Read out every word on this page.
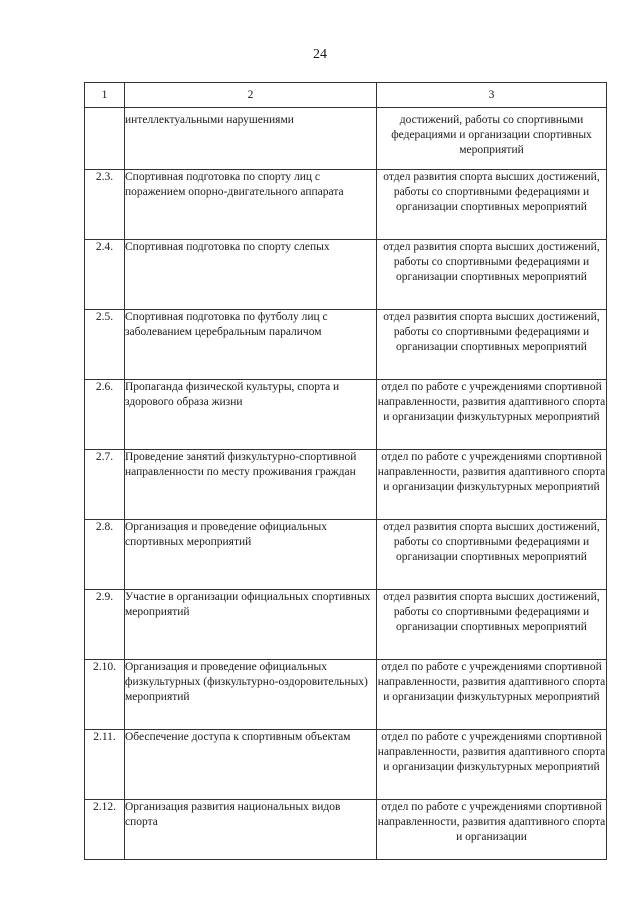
24
1	2	3
	интеллектуальными нарушениями	достижений, работы со спортивными федерациями и организации спортивных мероприятий
2.3.	Спортивная подготовка по спорту лиц с поражением опорно-двигательного аппарата	отдел развития спорта высших достижений, работы со спортивными федерациями и организации спортивных мероприятий
2.4.	Спортивная подготовка по спорту слепых	отдел развития спорта высших достижений, работы со спортивными федерациями и организации спортивных мероприятий
2.5.	Спортивная подготовка по футболу лиц с заболеванием церебральным параличом	отдел развития спорта высших достижений, работы со спортивными федерациями и организации спортивных мероприятий
2.6.	Пропаганда физической культуры, спорта и здорового образа жизни	отдел по работе с учреждениями спортивной направленности, развития адаптивного спорта и организации физкультурных мероприятий
2.7.	Проведение занятий физкультурно-спортивной направленности по месту проживания граждан	отдел по работе с учреждениями спортивной направленности, развития адаптивного спорта и организации физкультурных мероприятий
2.8.	Организация и проведение официальных спортивных мероприятий	отдел развития спорта высших достижений, работы со спортивными федерациями и организации спортивных мероприятий
2.9.	Участие в организации официальных спортивных мероприятий	отдел развития спорта высших достижений, работы со спортивными федерациями и организации спортивных мероприятий
2.10.	Организация и проведение официальных физкультурных (физкультурно-оздоровительных) мероприятий	отдел по работе с учреждениями спортивной направленности, развития адаптивного спорта и организации физкультурных мероприятий
2.11.	Обеспечение доступа к спортивным объектам	отдел по работе с учреждениями спортивной направленности, развития адаптивного спорта и организации физкультурных мероприятий
2.12.	Организация развития национальных видов спорта	отдел по работе с учреждениями спортивной направленности, развития адаптивного спорта и организации
